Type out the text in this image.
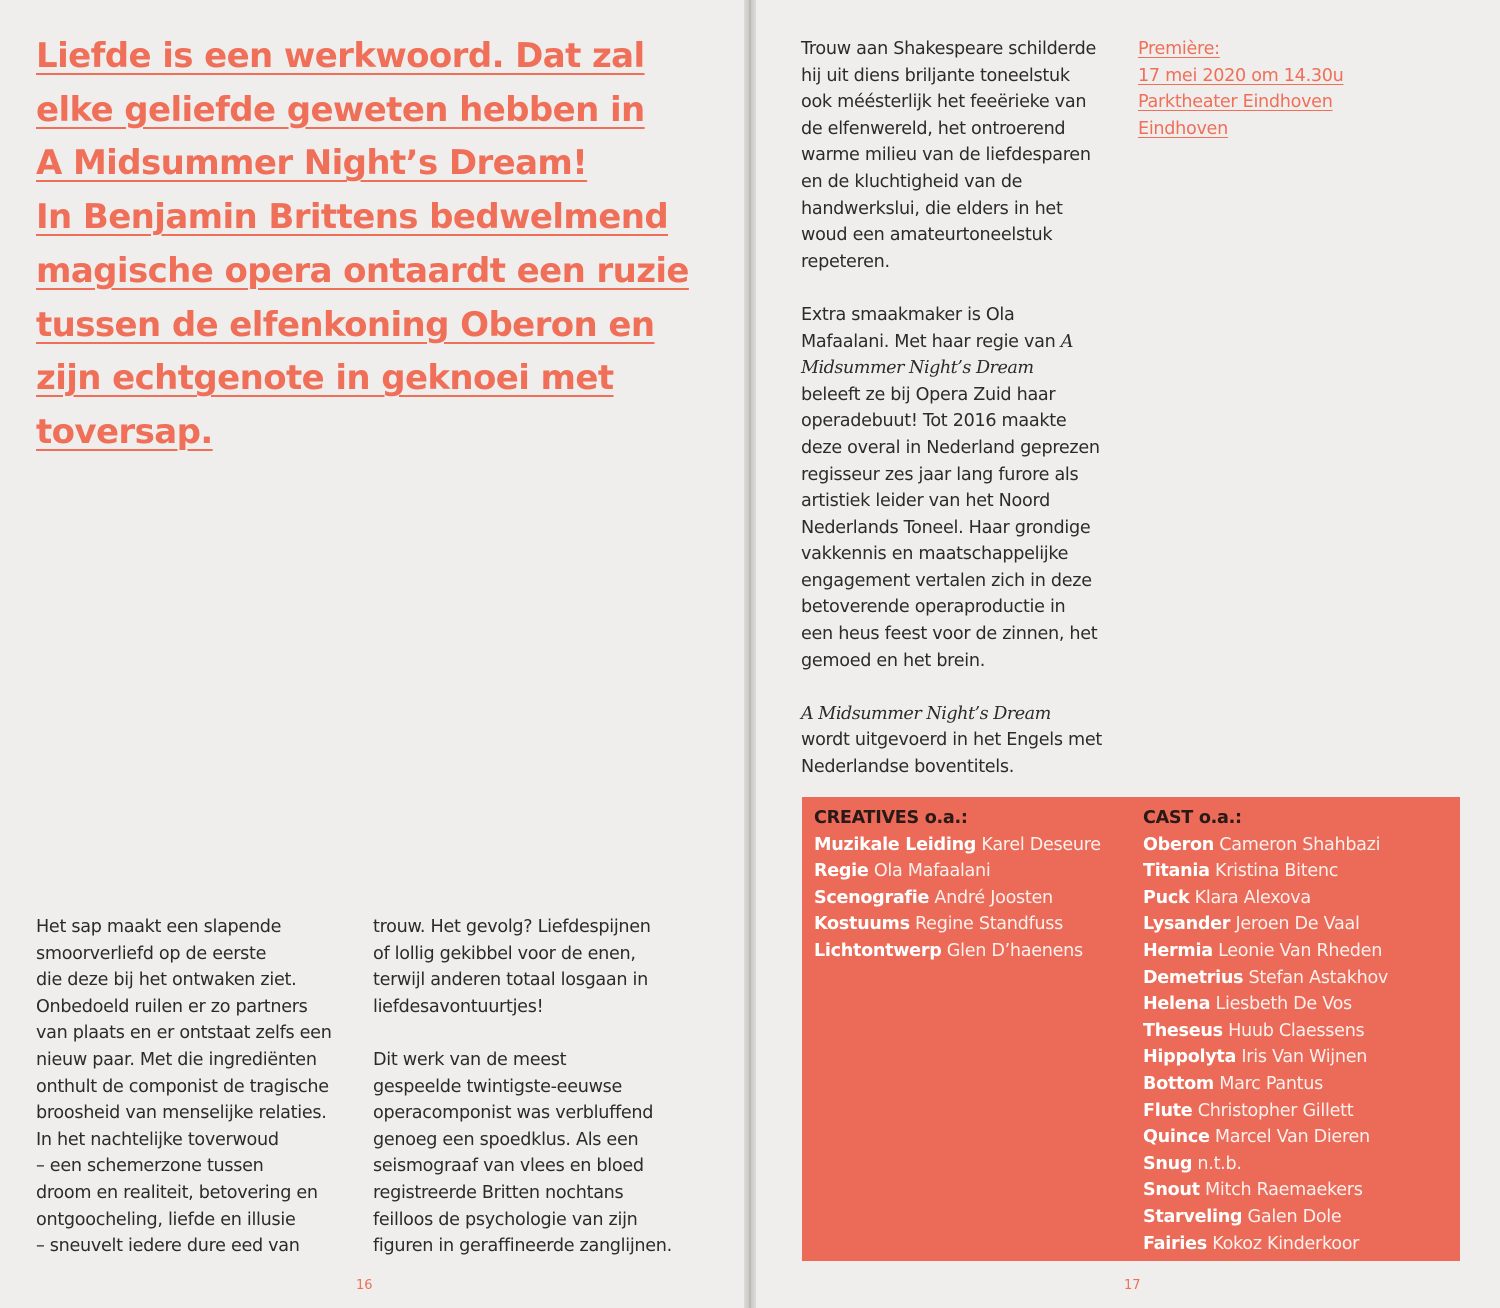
Liefde is een werkwoord. Dat zal
elke geliefde geweten hebben in
A Midsummer Night’s Dream!
In Benjamin Brittens bedwelmend
magische opera ontaardt een ruzie
tussen de elfenkoning Oberon en
zijn echtgenote in geknoei met
toversap.

Het sap maakt een slapende
smoorverliefd op de eerste
die deze bij het ontwaken ziet.
Onbedoeld ruilen er zo partners
van plaats en er ontstaat zelfs een
nieuw paar. Met die ingrediënten
onthult de componist de tragische
broosheid van menselijke relaties.
In het nachtelijke toverwoud
– een schemerzone tussen
droom en realiteit, betovering en
ontgoocheling, liefde en illusie
– sneuvelt iedere dure eed van

trouw. Het gevolg? Liefdespijnen
of lollig gekibbel voor de enen,
terwijl anderen totaal losgaan in
liefdesavontuurtjes!

Dit werk van de meest
gespeelde twintigste-eeuwse
operacomponist was verbluffend
genoeg een spoedklus. Als een
seismograaf van vlees en bloed
registreerde Britten nochtans
feilloos de psychologie van zijn
figuren in geraffineerde zanglijnen.

16

Trouw aan Shakespeare schilderde
hij uit diens briljante toneelstuk
ook méésterlijk het feeërieke van
de elfenwereld, het ontroerend
warme milieu van de liefdesparen
en de kluchtigheid van de
handwerkslui, die elders in het
woud een amateurtoneelstuk
repeteren.

Extra smaakmaker is Ola
Mafaalani. Met haar regie van A
Midsummer Night’s Dream
beleeft ze bij Opera Zuid haar
operadebuut! Tot 2016 maakte
deze overal in Nederland geprezen
regisseur zes jaar lang furore als
artistiek leider van het Noord
Nederlands Toneel. Haar grondige
vakkennis en maatschappelijke
engagement vertalen zich in deze
betoverende operaproductie in
een heus feest voor de zinnen, het
gemoed en het brein.

A Midsummer Night’s Dream
wordt uitgevoerd in het Engels met
Nederlandse boventitels.

Première:
17 mei 2020 om 14.30u
Parktheater Eindhoven
Eindhoven
CREATIVES o.a.:
Muzikale Leiding Karel Deseure
Regie Ola Mafaalani
Scenografie André Joosten
Kostuums Regine Standfuss
Lichtontwerp Glen D’haenens
CAST o.a.:
Oberon Cameron Shahbazi
Titania Kristina Bitenc
Puck Klara Alexova
Lysander Jeroen De Vaal
Hermia Leonie Van Rheden
Demetrius Stefan Astakhov
Helena Liesbeth De Vos
Theseus Huub Claessens
Hippolyta Iris Van Wijnen
Bottom Marc Pantus
Flute Christopher Gillett
Quince Marcel Van Dieren
Snug n.t.b.
Snout Mitch Raemaekers
Starveling Galen Dole
Fairies Kokoz Kinderkoor
17
